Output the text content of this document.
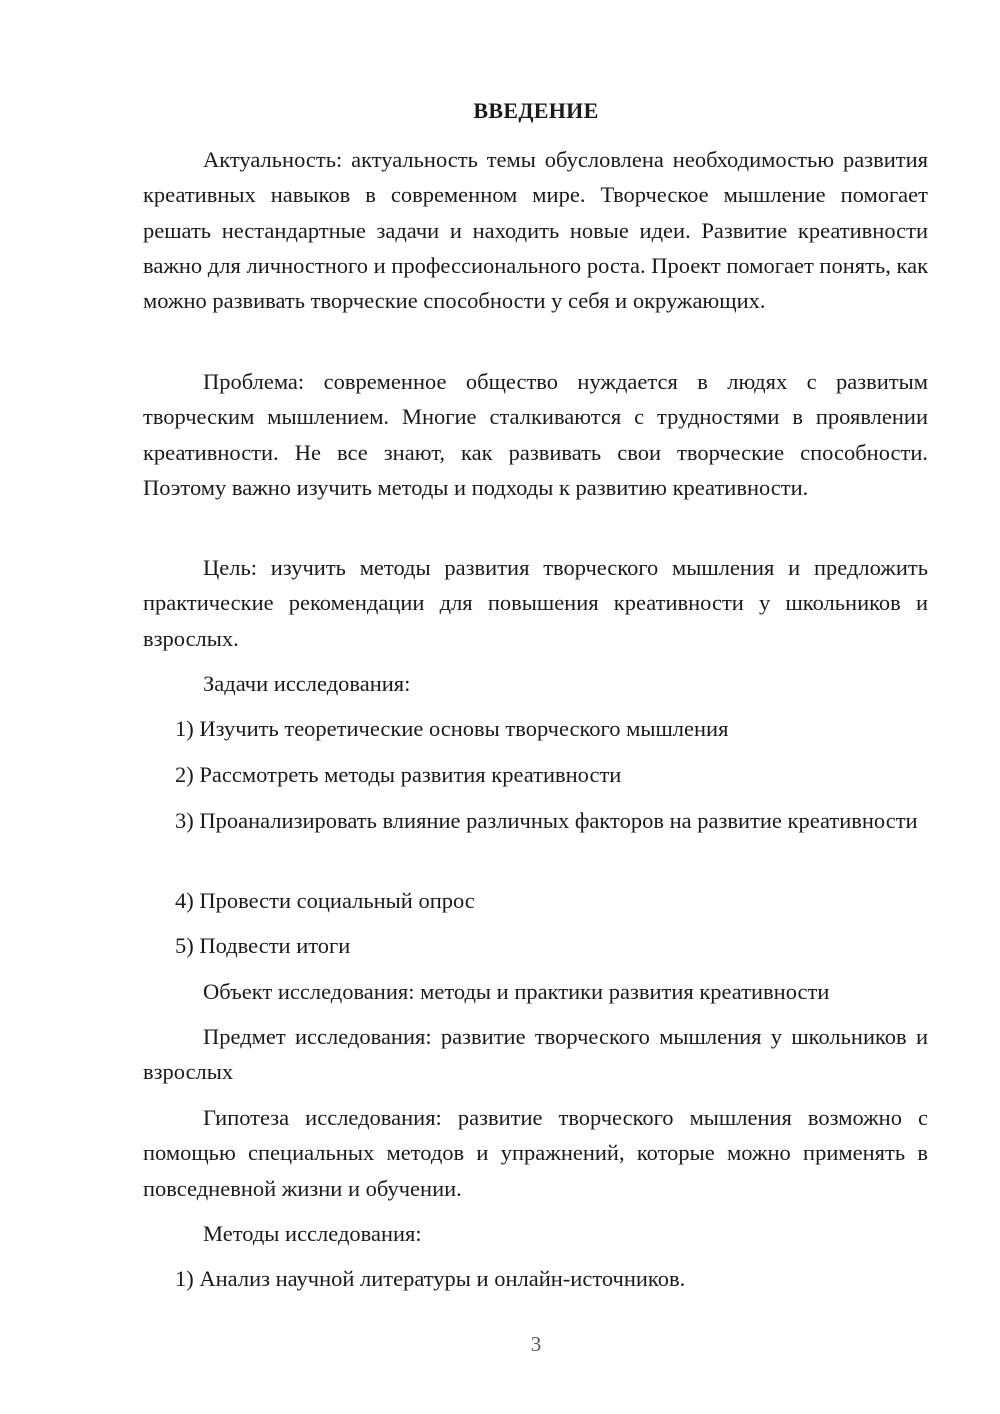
ВВЕДЕНИЕ

Актуальность: актуальность темы обусловлена необходимостью развития креативных навыков в современном мире. Творческое мышление помогает решать нестандартные задачи и находить новые идеи. Развитие креативности важно для личностного и профессионального роста. Проект помогает понять, как можно развивать творческие способности у себя и окружающих.

Проблема: современное общество нуждается в людях с развитым творческим мышлением. Многие сталкиваются с трудностями в проявлении креативности. Не все знают, как развивать свои творческие способности. Поэтому важно изучить методы и подходы к развитию креативности.

Цель: изучить методы развития творческого мышления и предложить практические рекомендации для повышения креативности у школьников и взрослых.

Задачи исследования:

1) Изучить теоретические основы творческого мышления

2) Рассмотреть методы развития креативности

3) Проанализировать влияние различных факторов на развитие креативности

4) Провести социальный опрос

5) Подвести итоги

Объект исследования: методы и практики развития креативности

Предмет исследования: развитие творческого мышления у школьников и взрослых

Гипотеза исследования: развитие творческого мышления возможно с помощью специальных методов и упражнений, которые можно применять в повседневной жизни и обучении.

Методы исследования:

1) Анализ научной литературы и онлайн-источников.

3
